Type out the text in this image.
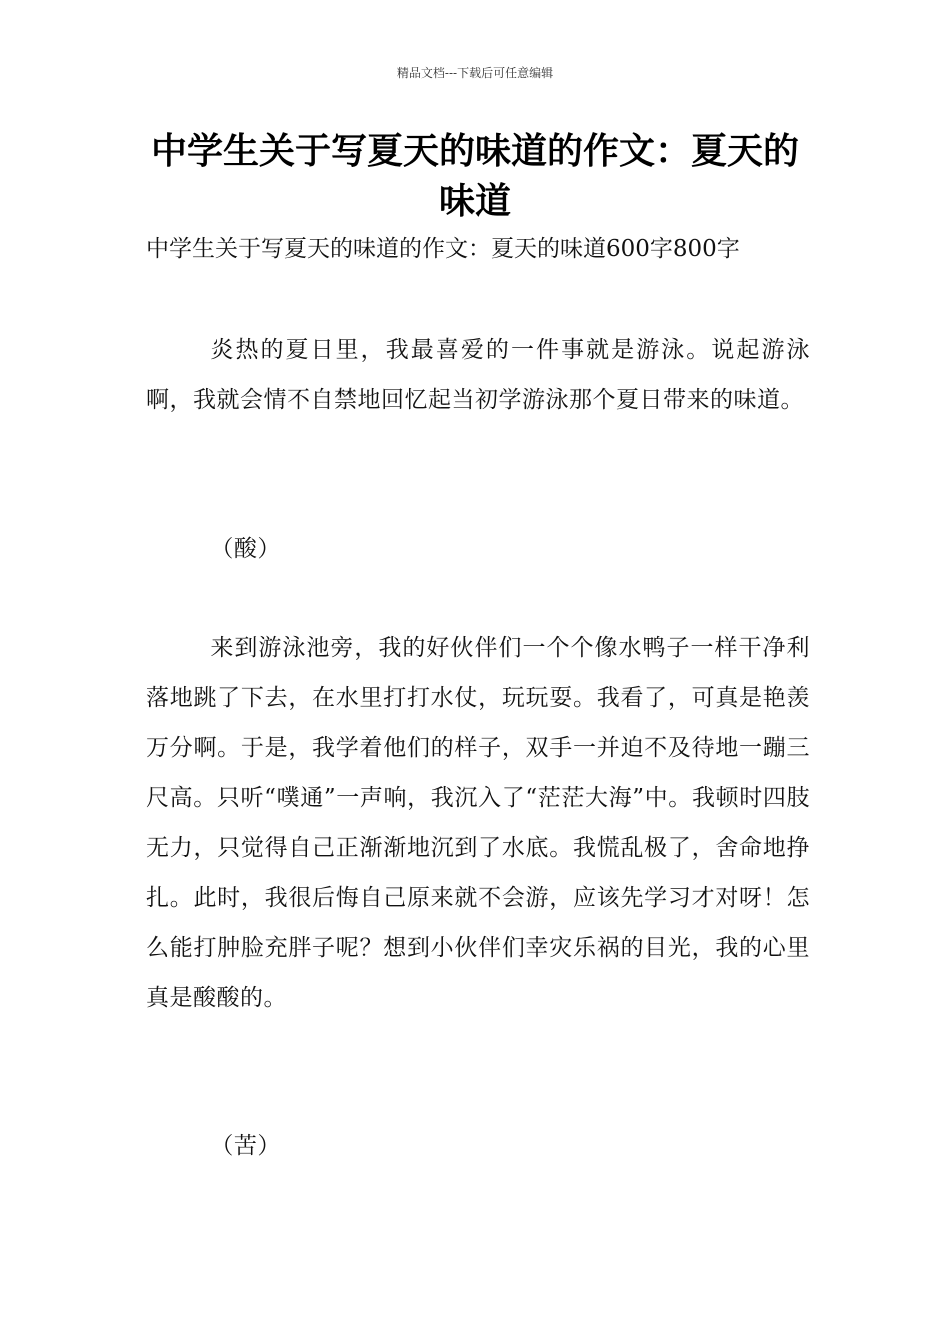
精品文档---下载后可任意编辑
中学生关于写夏天的味道的作文：夏天的味道

中学生关于写夏天的味道的作文：夏天的味道600字800字

炎热的夏日里，我最喜爱的一件事就是游泳。说起游泳啊，我就会情不自禁地回忆起当初学游泳那个夏日带来的味道。

（酸）

来到游泳池旁，我的好伙伴们一个个像水鸭子一样干净利落地跳了下去，在水里打打水仗，玩玩耍。我看了，可真是艳羡万分啊。于是，我学着他们的样子，双手一并迫不及待地一蹦三尺高。只听“噗通”一声响，我沉入了“茫茫大海”中。我顿时四肢无力，只觉得自己正渐渐地沉到了水底。我慌乱极了，舍命地挣扎。此时，我很后悔自己原来就不会游，应该先学习才对呀！怎么能打肿脸充胖子呢？想到小伙伴们幸灾乐祸的目光，我的心里真是酸酸的。

（苦）
